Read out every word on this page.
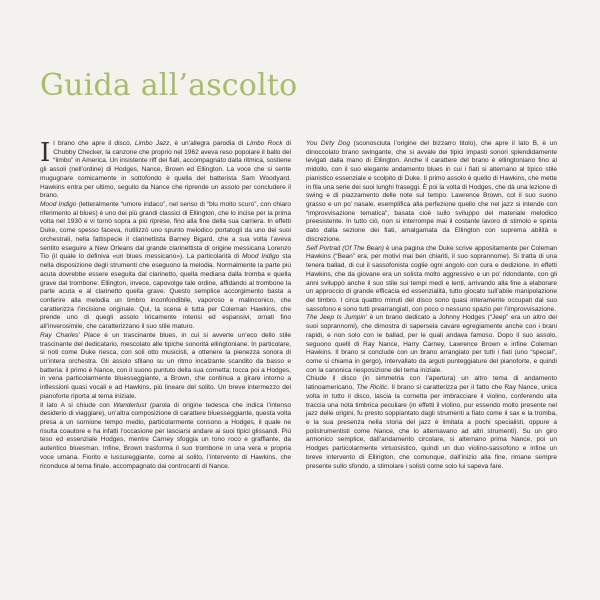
Guida all’ascolto

Il brano che apre il disco, Limbo Jazz, è un’allegra parodia di Limbo Rock di Chubby Checker, la canzone che proprio nel 1962 aveva reso popolare il ballo del “limbo” in America. Un insistente riff dei fiati, accompagnato dalla ritmica, sostiene gli assoli (nell’ordine) di Hodges, Nance, Brown ed Ellington. La voce che si sente mugugnare comicamente in sottofondo è quella del batterista Sam Woodyard. Hawkins entra per ultimo, seguito da Nance che riprende un assolo per concludere il brano.

Mood Indigo (letteralmente “umore indaco”, nel senso di “blu molto scuro”, con chiaro riferimento al blues) è uno dei più grandi classici di Ellington, che lo incise per la prima volta nel 1930 e vi tornò sopra a più riprese, fino alla fine della sua carriera. In effetti Duke, come spesso faceva, riutilizzò uno spunto melodico portatogli da uno dei suoi orchestrali, nella fattispecie il clarinettista Barney Bigard, che a sua volta l’aveva sentito eseguire a New Orleans dal grande clarinettista di origine messicana Lorenzo Tio (il quale lo definiva «un blues messicano»). La particolarità di Mood Indigo sta nella disposizione degli strumenti che eseguono la melodia. Normalmente la parte più acuta dovrebbe essere eseguita dal clarinetto, quella mediana dalla tromba e quella grave dal trombone: Ellington, invece, capovolge tale ordine, affidando al trombone la parte acuta e al clarinetto quella grave. Questo semplice accorgimento basta a conferire alla melodia un timbro inconfondibile, vaporoso e malinconico, che caratterizza l’incisione originale. Qui, la scena è tutta per Coleman Hawkins, che prende uno di quegli assolo liricamente intensi ed espansivi, ornati fino all’inverosimile, che caratterizzano il suo stile maturo.

Ray Charles’ Place è un trascinante blues, in cui si avverte un’eco dello stile trascinante del dedicatario, mescolato alle tipiche sonorità ellingtoniane. In particolare, si noti come Duke riesca, con soli otto musicisti, a ottenere la pienezza sonora di un’intera orchestra. Gli assolo sfilano su un ritmo incalzante scandito da basso e batteria: il primo è Nance, con il suono puntuto della sua cornetta; tocca poi a Hodges, in vena particolarmente bluesseggiante, a Brown, che continua a girare intorno a inflessioni quasi vocali e ad Hawkins, più lineare del solito. Un breve intermezzo del pianoforte riporta al tema iniziale.

Il lato A si chiude con Wanderlust (parola di origine tedesca che indica l’intenso desiderio di viaggiare), un’altra composizione di carattere bluesseggiante, questa volta presa a un sornione tempo medio, particolarmente consono a Hodges, il quale ne risulta coautore e ha infatti l’occasione per lasciarsi andare ai suoi tipici glissandi. Più teso ed essenziale Hodges, mentre Carney sfoggia un tono roco e graffiante, da autentico bluesman. Infine, Brown trasforma il suo trombone in una vera e propria voce umana. Fiorito e lussureggiante, come al solito, l’intervento di Hawkins, che riconduce al tema finale, accompagnato dai controcanti di Nance.

You Dirty Dog (sconosciuta l’origine del bizzarro titolo), che apre il lato B, è un dinoccolato brano swingante, che si avvale dei tipici impasti sonori splendidamente levigati dalla mano di Ellington. Anche il carattere del brano è ellingtoniano fino al midollo, con il suo elegante andamento blues in cui i fiati si alternano al tipico stile pianistico essenziale e scolpito di Duke. Il primo assolo è quello di Hawkins, che mette in fila una serie dei suoi lunghi fraseggi. È poi la volta di Hodges, che dà una lezione di swing e di piazzamento delle note sul tempo. Lawrence Brown, col il suo suono grasso e un po’ nasale, esemplifica alla perfezione quello che nel jazz si intende con “improvvisazione tematica”, basata cioè sullo sviluppo del materiale melodico preesistente. In tutto ciò, non si interrompe mai il costante lavoro di stimolo e spinta dato dalla sezione dei fiati, amalgamata da Ellington con suprema abilità e discrezione.

Self Portrait (Of The Bean) è una pagina che Duke scrive appositamente per Coleman Hawkins (“Bean” era, per motivi mai ben chiariti, il suo soprannome). Si tratta di una tenera ballad, di cui il sassofonista coglie ogni angolo con cura e dedizione. In effetti Hawkins, che da giovane era un solista molto aggressivo e un po’ ridondante, con gli anni sviluppò anche il suo stile sui tempi medi e lenti, arrivando alla fine a elaborare un approccio di grande efficacia ed essenzialità, tutto giocato sull’abile manipolazione del timbro. I circa quattro minuti del disco sono quasi interamente occupati dal suo sassofono e sono tutti prearrangiati, con poco o nessuno spazio per l’improvvisazione.

The Jeep Is Jumpin’ è un brano dedicato a Johnny Hodges (“Jeep” era un altro dei suoi soprannomi), che dimostra di sapersela cavare egregiamente anche con i brani rapidi, e non solo con le ballad, per le quali andava famoso. Dopo il suo assolo, seguono quelli di Ray Nance, Harry Carney, Lawrence Brown e infine Coleman Hawkins. Il brano si conclude con un brano arrangiato per tutti i fiati (uno “special”, come si chiama in gergo), intervallato da arguti punteggiature del pianoforte, e quindi con la canonica riesposizione del tema iniziale.

Chiude il disco (in simmetria con l’apertura) un altro tema di andamento latinoamericano, The Ricitic. Il brano si caratterizza per il fatto che Ray Nance, unica volta in tutto il disco, lascia la cornetta per imbracciare il violino, conferendo alla traccia una nota timbrica peculiare (in effetti il violino, pur essendo molto presente nel jazz delle origini, fu presto soppiantato dagli strumenti a fiato come il sax e la tromba, e la sua presenza nella storia del jazz è limitata a pochi specialisti, oppure a polistrumentisti come Nance, che lo alternavano ad altri strumenti). Su un giro armonico semplice, dall’andamento circolare, si alternano prima Nance, poi un Hodges particolarmente virtuosistico, quindi un duo violino-sassofono e infine un breve intervento di Ellington, che comunque, dall’inizio alla fine, rimane sempre presente sullo sfondo, a stimolare i solisti come solo lui sapeva fare.
